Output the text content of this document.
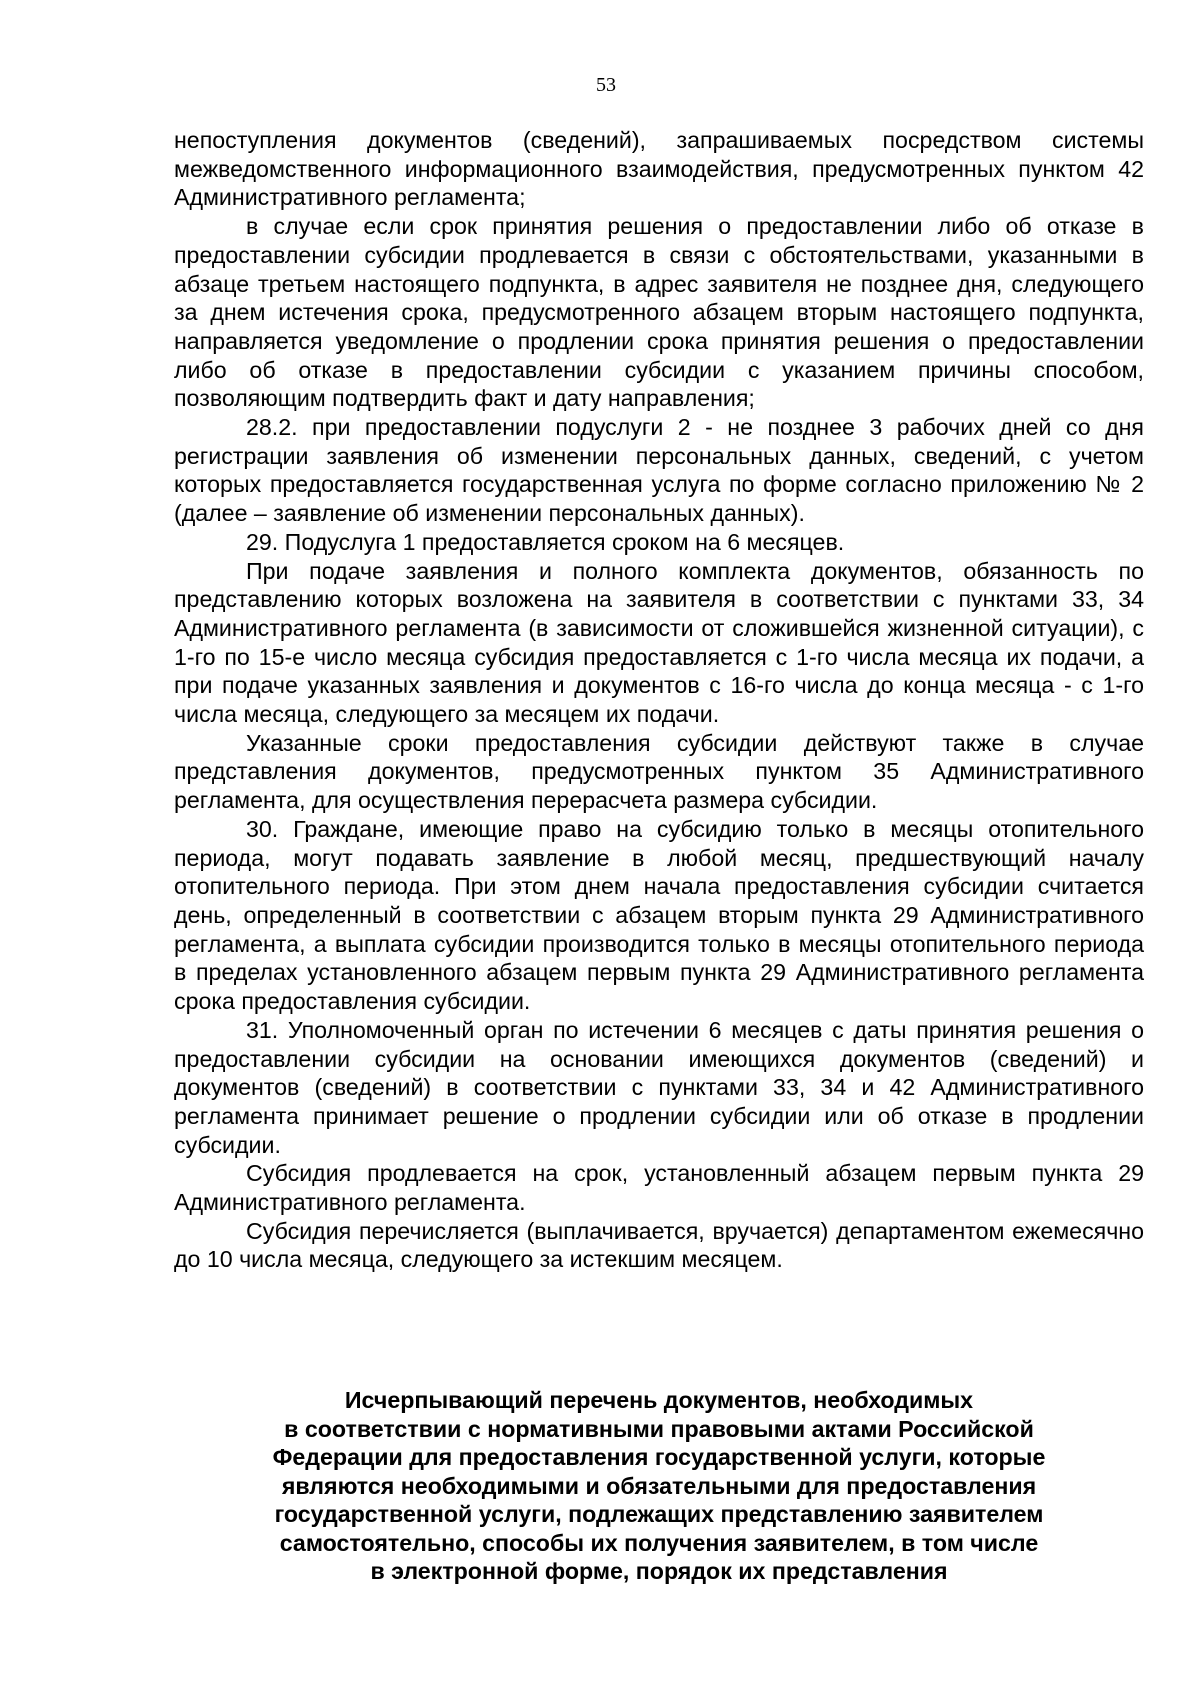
53

непоступления документов (сведений), запрашиваемых посредством системы межведомственного информационного взаимодействия, предусмотренных пунктом 42 Административного регламента;

в случае если срок принятия решения о предоставлении либо об отказе в предоставлении субсидии продлевается в связи с обстоятельствами, указанными в абзаце третьем настоящего подпункта, в адрес заявителя не позднее дня, следующего за днем истечения срока, предусмотренного абзацем вторым настоящего подпункта, направляется уведомление о продлении срока принятия решения о предоставлении либо об отказе в предоставлении субсидии с указанием причины способом, позволяющим подтвердить факт и дату направления;

28.2. при предоставлении подуслуги 2 - не позднее 3 рабочих дней со дня регистрации заявления об изменении персональных данных, сведений, с учетом которых предоставляется государственная услуга по форме согласно приложению № 2 (далее – заявление об изменении персональных данных).

29. Подуслуга 1 предоставляется сроком на 6 месяцев.

При подаче заявления и полного комплекта документов, обязанность по представлению которых возложена на заявителя в соответствии с пунктами 33, 34 Административного регламента (в зависимости от сложившейся жизненной ситуации), с 1-го по 15-е число месяца субсидия предоставляется с 1-го числа месяца их подачи, а при подаче указанных заявления и документов с 16-го числа до конца месяца - с 1-го числа месяца, следующего за месяцем их подачи.

Указанные сроки предоставления субсидии действуют также в случае представления документов, предусмотренных пунктом 35 Административного регламента, для осуществления перерасчета размера субсидии.

30. Граждане, имеющие право на субсидию только в месяцы отопительного периода, могут подавать заявление в любой месяц, предшествующий началу отопительного периода. При этом днем начала предоставления субсидии считается день, определенный в соответствии с абзацем вторым пункта 29 Административного регламента, а выплата субсидии производится только в месяцы отопительного периода в пределах установленного абзацем первым пункта 29 Административного регламента срока предоставления субсидии.

31. Уполномоченный орган по истечении 6 месяцев с даты принятия решения о предоставлении субсидии на основании имеющихся документов (сведений) и документов (сведений) в соответствии с пунктами 33, 34 и 42 Административного регламента принимает решение о продлении субсидии или об отказе в продлении субсидии.

Субсидия продлевается на срок, установленный абзацем первым пункта 29 Административного регламента.

Субсидия перечисляется (выплачивается, вручается) департаментом ежемесячно до 10 числа месяца, следующего за истекшим месяцем.

Исчерпывающий перечень документов, необходимых
в соответствии с нормативными правовыми актами Российской
Федерации для предоставления государственной услуги, которые
являются необходимыми и обязательными для предоставления
государственной услуги, подлежащих представлению заявителем
самостоятельно, способы их получения заявителем, в том числе
в электронной форме, порядок их представления
